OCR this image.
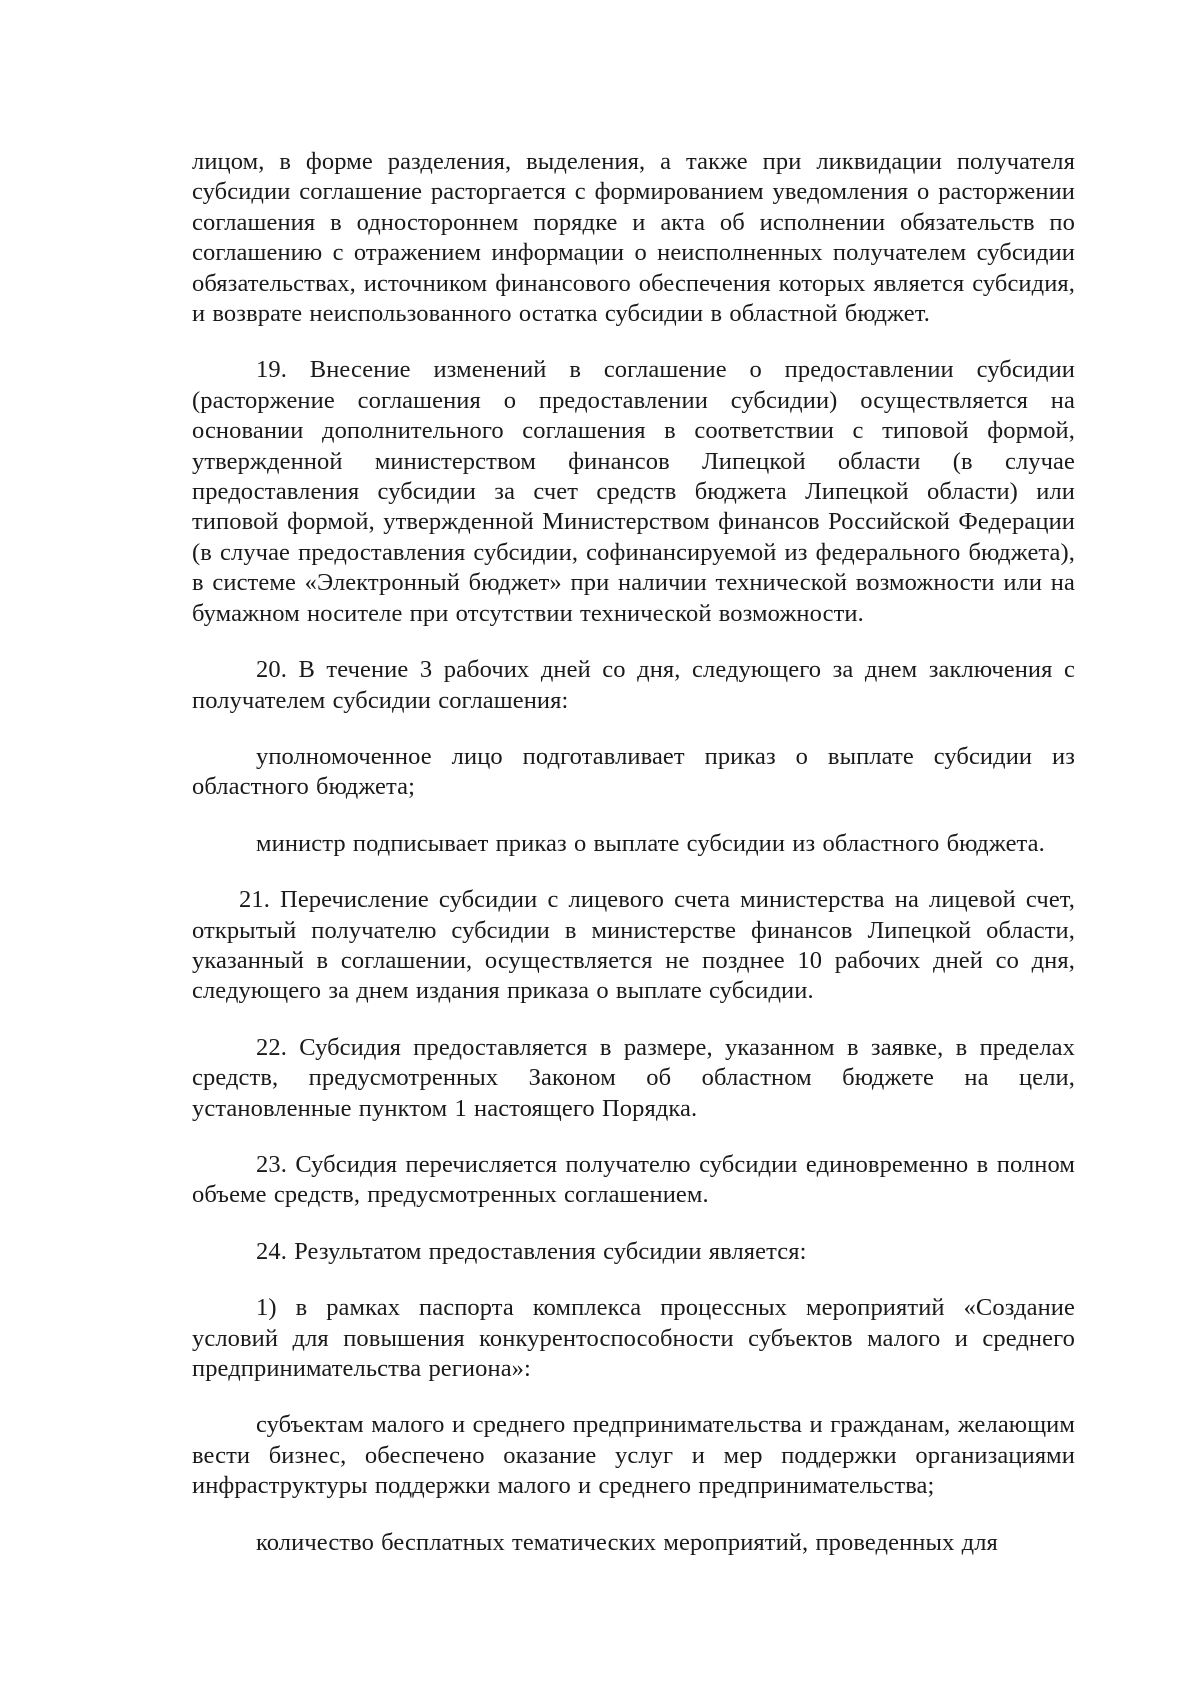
лицом, в форме разделения, выделения, а также при ликвидации получателя субсидии соглашение расторгается с формированием уведомления о расторжении соглашения в одностороннем порядке и акта об исполнении обязательств по соглашению с отражением информации о неисполненных получателем субсидии обязательствах, источником финансового обеспечения которых является субсидия, и возврате неиспользованного остатка субсидии в областной бюджет.

19. Внесение изменений в соглашение о предоставлении субсидии (расторжение соглашения о предоставлении субсидии) осуществляется на основании дополнительного соглашения в соответствии с типовой формой, утвержденной министерством финансов Липецкой области (в случае предоставления субсидии за счет средств бюджета Липецкой области) или типовой формой, утвержденной Министерством финансов Российской Федерации (в случае предоставления субсидии, софинансируемой из федерального бюджета), в системе «Электронный бюджет» при наличии технической возможности или на бумажном носителе при отсутствии технической возможности.

20. В течение 3 рабочих дней со дня, следующего за днем заключения с получателем субсидии соглашения:

уполномоченное лицо подготавливает приказ о выплате субсидии из областного бюджета;

министр подписывает приказ о выплате субсидии из областного бюджета.

21. Перечисление субсидии с лицевого счета министерства на лицевой счет, открытый получателю субсидии в министерстве финансов Липецкой области, указанный в соглашении, осуществляется не позднее 10 рабочих дней со дня, следующего за днем издания приказа о выплате субсидии.

22. Субсидия предоставляется в размере, указанном в заявке, в пределах средств, предусмотренных Законом об областном бюджете на цели, установленные пунктом 1 настоящего Порядка.

23. Субсидия перечисляется получателю субсидии единовременно в полном объеме средств, предусмотренных соглашением.

24. Результатом предоставления субсидии является:

1) в рамках паспорта комплекса процессных мероприятий «Создание условий для повышения конкурентоспособности субъектов малого и среднего предпринимательства региона»:

субъектам малого и среднего предпринимательства и гражданам, желающим вести бизнес, обеспечено оказание услуг и мер поддержки организациями инфраструктуры поддержки малого и среднего предпринимательства;

количество бесплатных тематических мероприятий, проведенных для
